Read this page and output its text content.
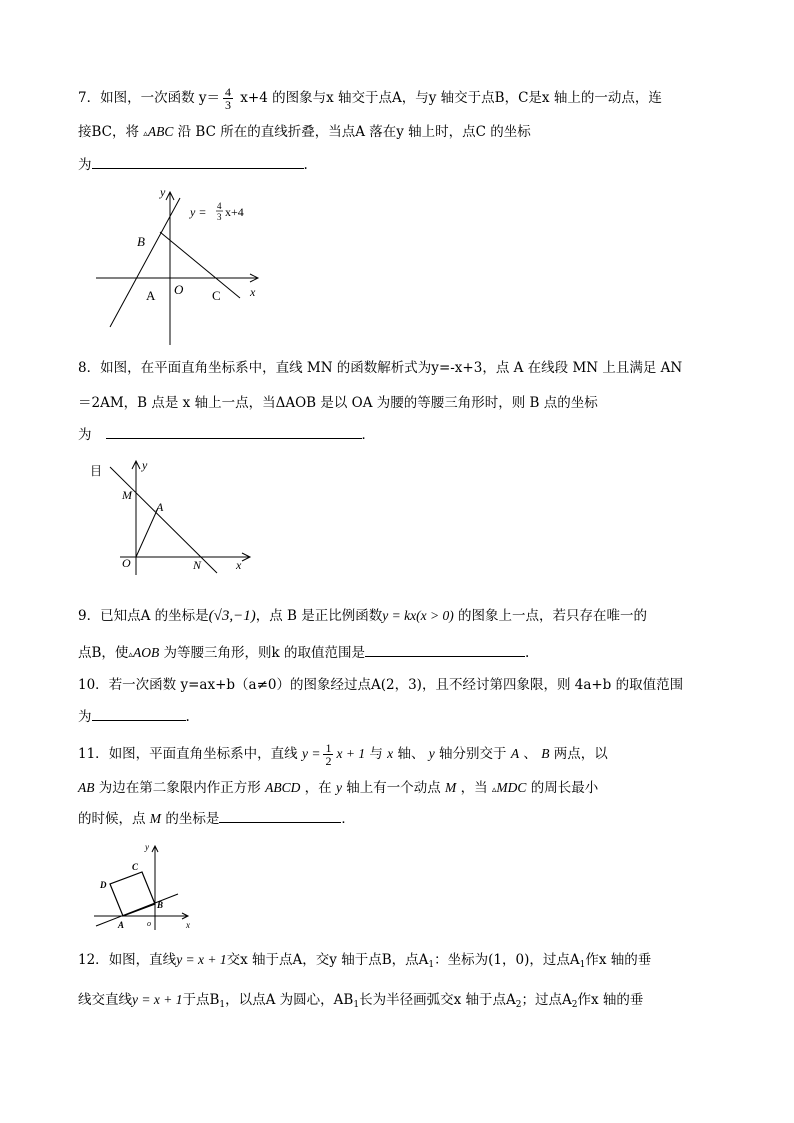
7．如图，一次函数 $y= \frac{4}{3} x+4$ 的图象与x 轴交于点A，与y 轴交于点B，C是x 轴上的一动点，连
接BC，将 ▵ABC 沿 BC 所在的直线折叠，当点A 落在y 轴上时，点C 的坐标
为	.
y
x
y = 4
3 x+4
B
A O C
8．如图，在平面直角坐标系中，直线 MN 的函数解析式为y=-x+3，点 A 在线段 MN 上且满足 AN
＝2AM，B 点是 x 轴上一点，当ΔAOB 是以 OA 为腰的等腰三角形时，则 B 点的坐标
为	．
目	y
M
A
O	N	x
9．已知点A 的坐标是(√3,−1)，点 B 是正比例函数y = kx(x > 0) 的图象上一点，若只存在唯一的
点B，使▵AOB 为等腰三角形，则k 的取值范围是	.
10．若一次函数 y=ax+b（a≠0）的图象经过点A(2，3)，且不经讨第四象限，则 4a+b 的取值范围
为	.
11．如图，平面直角坐标系中，直线 $y = \frac{1}{2}$ x + 1 与 x 轴、 y 轴分别交于 A 、 B 两点，以
AB 为边在第二象限内作正方形 ABCD ，在 y 轴上有一个动点 M ，当 ▵MDC 的周长最小
的时候，点 M 的坐标是	．
C
D
B
A	o	x
y
12．如图，直线y = x + 1交x 轴于点A，交y 轴于点B，点$A_1$：坐标为(1，0)，过点$A_1$作x 轴的垂
线交直线y = x + 1于点$B_1$，以点A 为圆心，$AB_1$长为半径画弧交x 轴于点$A_2$；过点$A_2$作x 轴的垂
